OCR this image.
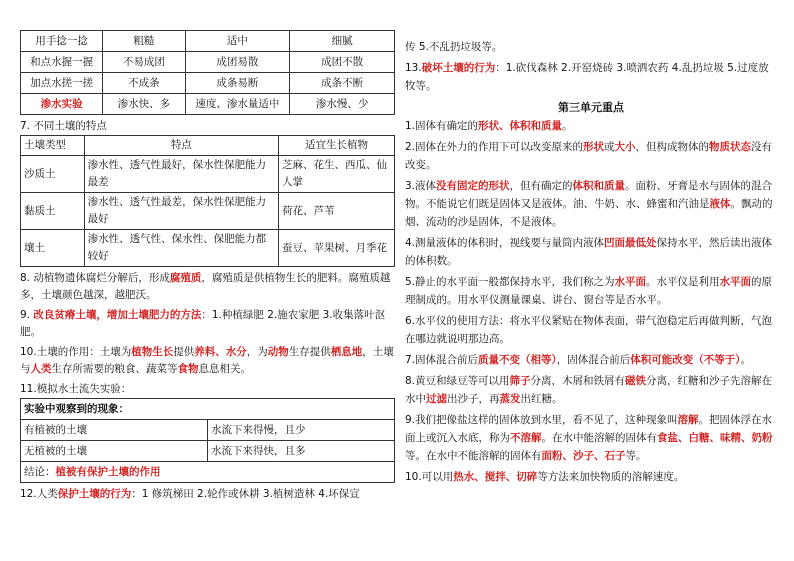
用手捻一捻	粗糙	适中	细腻
和点水握一握	不易成团	成团易散	成团不散
加点水搓一搓	不成条	成条易断	成条不断
渗水实验	渗水快、多	速度、渗水量适中	渗水慢、少

7. 不同土壤的特点

土壤类型	特点	适宜生长植物
沙质土	渗水性、透气性最好，保水性保肥能力最差	芝麻、花生、西瓜、仙人掌
黏质土	渗水性、透气性最差，保水性保肥能力最好	荷花、芦苇
壤土	渗水性、透气性、保水性、保肥能力都较好	蚕豆、苹果树、月季花

8. 动植物遗体腐烂分解后，形成腐殖质，腐殖质是供植物生长的肥料。腐殖质越多，土壤颜色越深，越肥沃。

9. 改良贫瘠土壤，增加土壤肥力的方法：1.种植绿肥 2.施农家肥 3.收集落叶沤肥。

10.土壤的作用：土壤为植物生长提供养料、水分，为动物生存提供栖息地，土壤与人类生存所需要的粮食、蔬菜等食物息息相关。

11.模拟水土流失实验：

实验中观察到的现象：	
有植被的土壤	水流下来得慢，且少
无植被的土壤	水流下来得快，且多
结论：植被有保护土壤的作用	

12.人类保护土壤的行为：1 修筑梯田 2.轮作或休耕 3.植树造林 4.坏保宣

传 5.不乱扔垃圾等。

13.破坏土壤的行为：1.砍伐森林 2.开窑烧砖 3.喷洒农药 4.乱扔垃圾 5.过度放牧等。

第三单元重点

1.固体有确定的形状、体积和质量。

2.固体在外力的作用下可以改变原来的形状或大小，但构成物体的物质状态没有改变。

3.液体没有固定的形状，但有确定的体积和质量。面粉、牙膏是水与固体的混合物。不能说它们既是固体又是液体。油、牛奶、水、蜂蜜和汽油是液体。飘动的烟、流动的沙是固体，不是液体。

4.测量液体的体积时，视线要与量筒内液体凹面最低处保持水平，然后读出液体的体积数。

5.静止的水平面一般都保持水平，我们称之为水平面。水平仪是利用水平面的原理制成的。用水平仪测量课桌、讲台、窗台等是否水平。

6.水平仪的使用方法：将水平仪紧贴在物体表面，带气泡稳定后再做判断，气泡在哪边就说明那边高。

7.固体混合前后质量不变（相等），固体混合前后体积可能改变（不等于）。

8.黄豆和绿豆等可以用筛子分离，木屑和铁屑有磁铁分离，红糖和沙子先溶解在水中过滤出沙子，再蒸发出红糖。

9.我们把像盐这样的固体放到水里，看不见了，这种现象叫溶解。把固体浮在水面上或沉入水底，称为不溶解。在水中能溶解的固体有食盐、白糖、味精、奶粉等。在水中不能溶解的固体有面粉、沙子、石子等。

10.可以用热水、搅拌、切碎等方法来加快物质的溶解速度。
